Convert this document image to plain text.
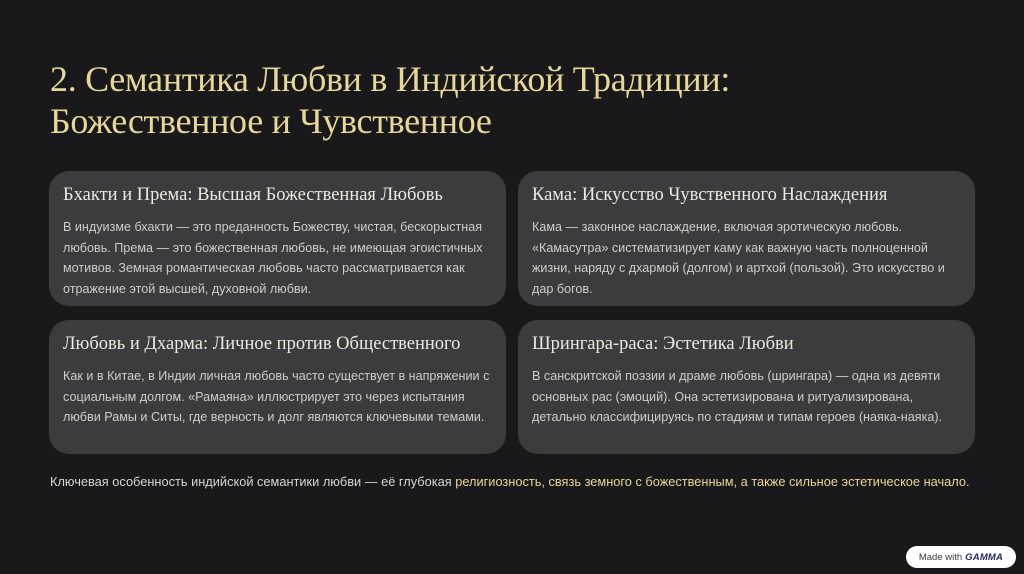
2. Семантика Любви в Индийской Традиции:
Божественное и Чувственное
Бхакти и Према: Высшая Божественная Любовь

В индуизме бхакти — это преданность Божеству, чистая, бескорыстная любовь. Према — это божественная любовь, не имеющая эгоистичных мотивов. Земная романтическая любовь часто рассматривается как отражение этой высшей, духовной любви.

Кама: Искусство Чувственного Наслаждения

Кама — законное наслаждение, включая эротическую любовь. «Камасутра» систематизирует каму как важную часть полноценной жизни, наряду с дхармой (долгом) и артхой (пользой). Это искусство и дар богов.

Любовь и Дхарма: Личное против Общественного

Как и в Китае, в Индии личная любовь часто существует в напряжении с социальным долгом. «Рамаяна» иллюстрирует это через испытания любви Рамы и Ситы, где верность и долг являются ключевыми темами.

Шрингара-раса: Эстетика Любви

В санскритской поэзии и драме любовь (шрингара) — одна из девяти основных рас (эмоций). Она эстетизирована и ритуализирована, детально классифицируясь по стадиям и типам героев (наяка-наяка).

Ключевая особенность индийской семантики любви — её глубокая религиозность, связь земного с божественным, а также сильное эстетическое начало.

Made with GAMMA
